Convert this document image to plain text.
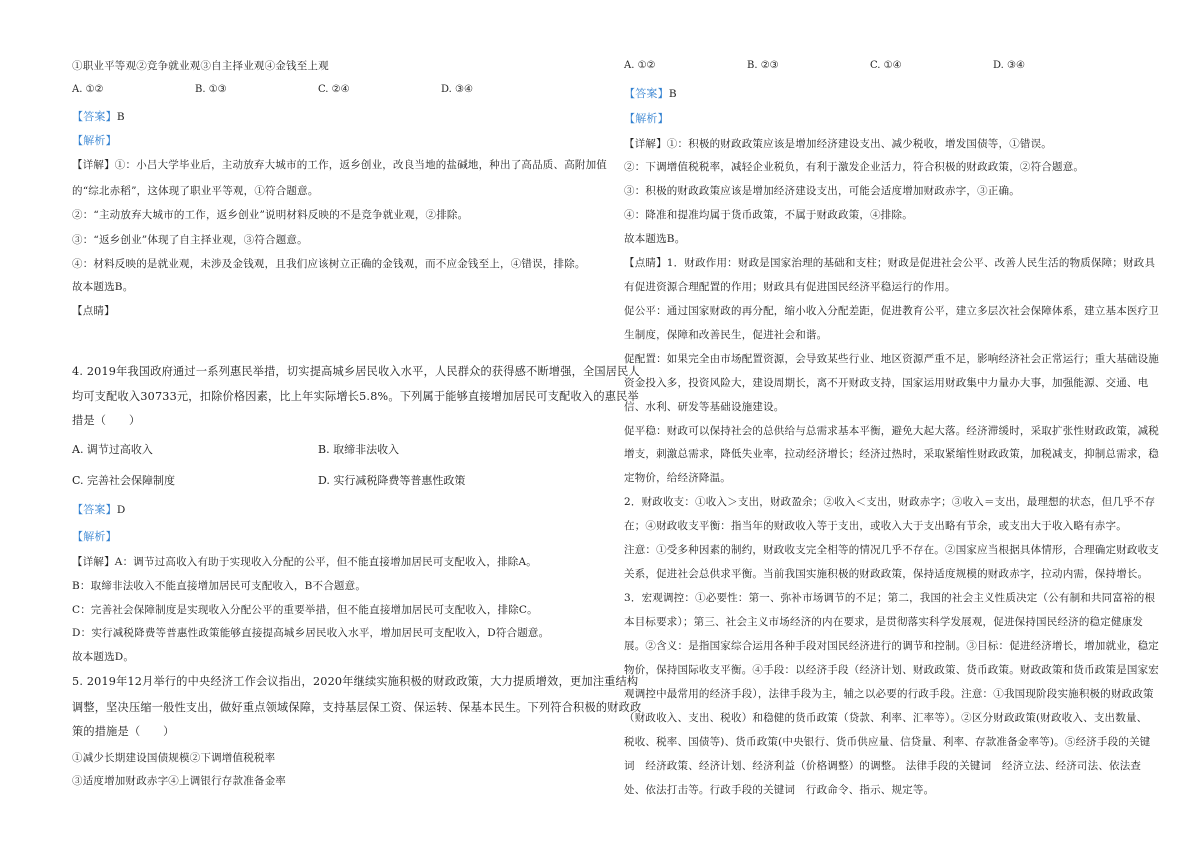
①职业平等观②竞争就业观③自主择业观④金钱至上观
A. ①②	B. ①③	C. ②④	D. ③④
【答案】B
【解析】
【详解】①：小吕大学毕业后，主动放弃大城市的工作，返乡创业，改良当地的盐碱地，种出了高品质、高附加值
的“综北赤稻”，这体现了职业平等观，①符合题意。
②：“主动放弃大城市的工作，返乡创业”说明材料反映的不是竞争就业观，②排除。
③：“返乡创业”体现了自主择业观，③符合题意。
④：材料反映的是就业观，未涉及金钱观，且我们应该树立正确的金钱观，而不应金钱至上，④错误，排除。
故本题选B。
【点睛】
4. 2019年我国政府通过一系列惠民举措，切实提高城乡居民收入水平，人民群众的获得感不断增强，全国居民人
均可支配收入30733元，扣除价格因素，比上年实际增长5.8%。下列属于能够直接增加居民可支配收入的惠民举
措是（　　）
A. 调节过高收入	B. 取缔非法收入
C. 完善社会保障制度	D. 实行减税降费等普惠性政策
【答案】D
【解析】
【详解】A：调节过高收入有助于实现收入分配的公平，但不能直接增加居民可支配收入，排除A。
B：取缔非法收入不能直接增加居民可支配收入，B不合题意。
C：完善社会保障制度是实现收入分配公平的重要举措，但不能直接增加居民可支配收入，排除C。
D：实行减税降费等普惠性政策能够直接提高城乡居民收入水平，增加居民可支配收入，D符合题意。
故本题选D。
5. 2019年12月举行的中央经济工作会议指出，2020年继续实施积极的财政政策，大力提质增效，更加注重结构
调整，坚决压缩一般性支出，做好重点领域保障，支持基层保工资、保运转、保基本民生。下列符合积极的财政政
策的措施是（　　）
①减少长期建设国债规模②下调增值税税率
③适度增加财政赤字④上调银行存款准备金率
A. ①②	B. ②③	C. ①④	D. ③④
【答案】B
【解析】
【详解】①：积极的财政政策应该是增加经济建设支出、减少税收，增发国债等，①错误。
②：下调增值税税率，减轻企业税负，有利于激发企业活力，符合积极的财政政策，②符合题意。
③：积极的财政政策应该是增加经济建设支出，可能会适度增加财政赤字，③正确。
④：降准和提准均属于货币政策，不属于财政政策，④排除。
故本题选B。
【点睛】1．财政作用：财政是国家治理的基础和支柱；财政是促进社会公平、改善人民生活的物质保障；财政具
有促进资源合理配置的作用；财政具有促进国民经济平稳运行的作用。
促公平：通过国家财政的再分配，缩小收入分配差距，促进教育公平，建立多层次社会保障体系，建立基本医疗卫
生制度，保障和改善民生，促进社会和谐。
促配置：如果完全由市场配置资源，会导致某些行业、地区资源严重不足，影响经济社会正常运行；重大基础设施
资金投入多，投资风险大，建设周期长，离不开财政支持，国家运用财政集中力量办大事，加强能源、交通、电
信、水利、研发等基础设施建设。
促平稳：财政可以保持社会的总供给与总需求基本平衡，避免大起大落。经济滞缓时，采取扩张性财政政策，减税
增支，刺激总需求，降低失业率，拉动经济增长；经济过热时，采取紧缩性财政政策，加税减支，抑制总需求，稳
定物价，给经济降温。
2．财政收支：①收入＞支出，财政盈余；②收入＜支出，财政赤字；③收入＝支出，最理想的状态，但几乎不存
在；④财政收支平衡：指当年的财政收入等于支出，或收入大于支出略有节余，或支出大于收入略有赤字。
注意：①受多种因素的制约，财政收支完全相等的情况几乎不存在。②国家应当根据具体情形，合理确定财政收支
关系，促进社会总供求平衡。当前我国实施积极的财政政策，保持适度规模的财政赤字，拉动内需，保持增长。
3．宏观调控：①必要性：第一、弥补市场调节的不足；第二，我国的社会主义性质决定（公有制和共同富裕的根
本目标要求）；第三、社会主义市场经济的内在要求，是贯彻落实科学发展观，促进保持国民经济的稳定健康发
展。②含义：是指国家综合运用各种手段对国民经济进行的调节和控制。③目标：促进经济增长，增加就业，稳定
物价，保持国际收支平衡。④手段：以经济手段（经济计划、财政政策、货币政策。财政政策和货币政策是国家宏
观调控中最常用的经济手段），法律手段为主，辅之以必要的行政手段。注意：①我国现阶段实施积极的财政政策
（财政收入、支出、税收）和稳健的货币政策（贷款、利率、汇率等）。②区分财政政策(财政收入、支出数量、
税收、税率、国债等)、货币政策(中央银行、货币供应量、信贷量、利率、存款准备金率等)。⑤经济手段的关键
词　经济政策、经济计划、经济利益（价格调整）的调整。 法律手段的关键词　经济立法、经济司法、依法查
处、依法打击等。行政手段的关键词　行政命令、指示、规定等。
